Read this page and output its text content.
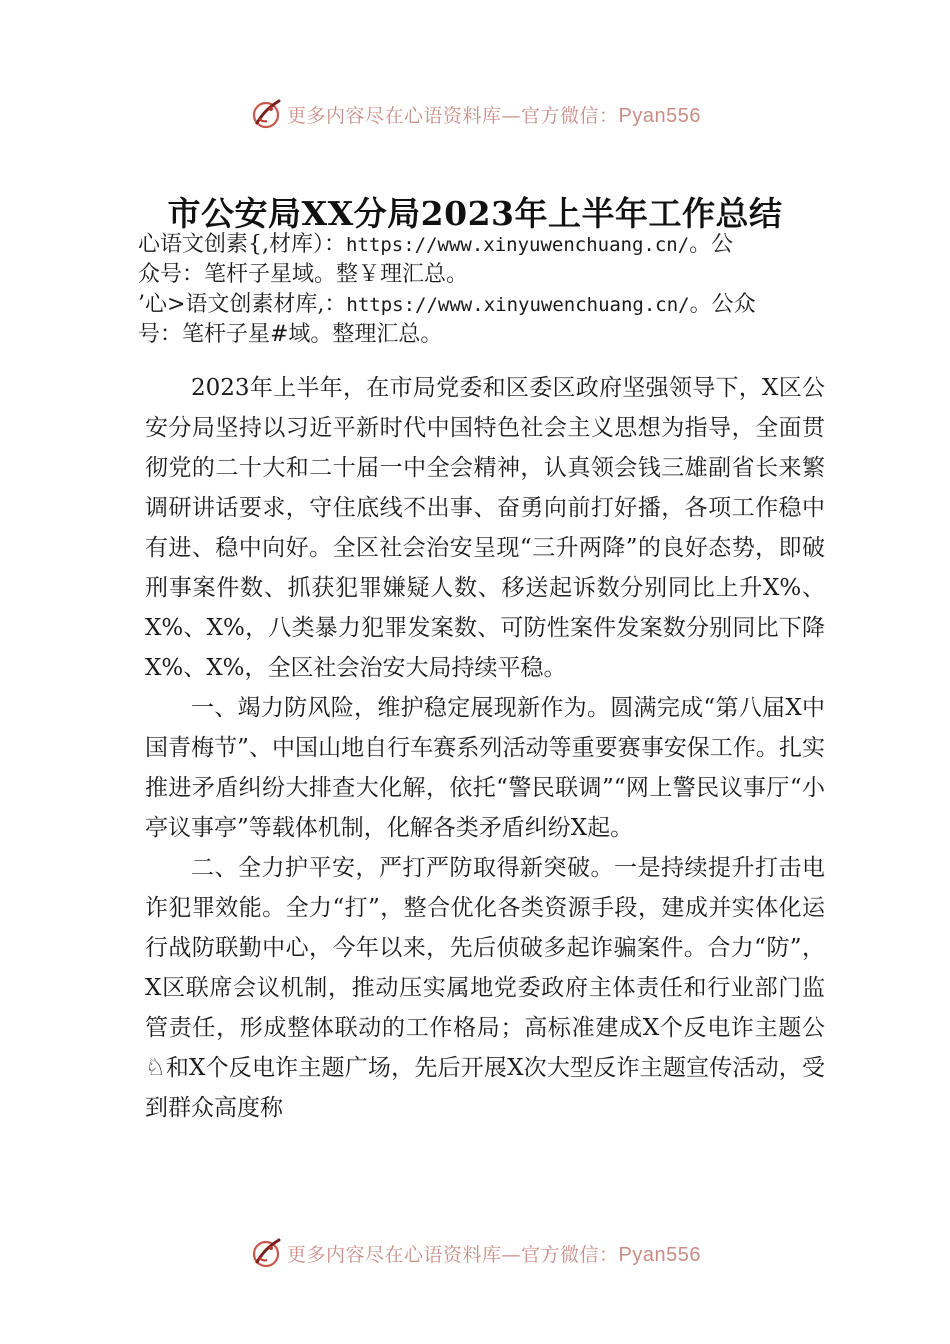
更多内容尽在心语资料库—官方微信：Pyan556
市公安局XX分局2023年上半年工作总结
心语文创素{,材库）：https://www.xinyuwenchuang.cn/。公
众号：笔杆子星域。整￥理汇总。
’心>语文创素材库,：https://www.xinyuwenchuang.cn/。公众
号：笔杆子星#域。整理汇总。

2023年上半年，在市局党委和区委区政府坚强领导下，X区公安分局坚持以习近平新时代中国特色社会主义思想为指导，全面贯彻党的二十大和二十届一中全会精神，认真领会钱三雄副省长来繁调研讲话要求，守住底线不出事、奋勇向前打好播，各项工作稳中有进、稳中向好。全区社会治安呈现“三升两降”的良好态势，即破刑事案件数、抓获犯罪嫌疑人数、移送起诉数分别同比上升X%、X%、X%，八类暴力犯罪发案数、可防性案件发案数分别同比下降X%、X%，全区社会治安大局持续平稳。

一、竭力防风险，维护稳定展现新作为。圆满完成“第八届X中国青梅节”、中国山地自行车赛系列活动等重要赛事安保工作。扎实推进矛盾纠纷大排查大化解，依托“警民联调”“网上警民议事厅“小亭议事亭”等载体机制，化解各类矛盾纠纷X起。

二、全力护平安，严打严防取得新突破。一是持续提升打击电诈犯罪效能。全力“打”，整合优化各类资源手段，建成并实体化运行战防联勤中心，今年以来，先后侦破多起诈骗案件。合力“防”，X区联席会议机制，推动压实属地党委政府主体责任和行业部门监管责任，形成整体联动的工作格局；高标准建成X个反电诈主题公♘和X个反电诈主题广场，先后开展X次大型反诈主题宣传活动，受到群众高度称

更多内容尽在心语资料库—官方微信：Pyan556
